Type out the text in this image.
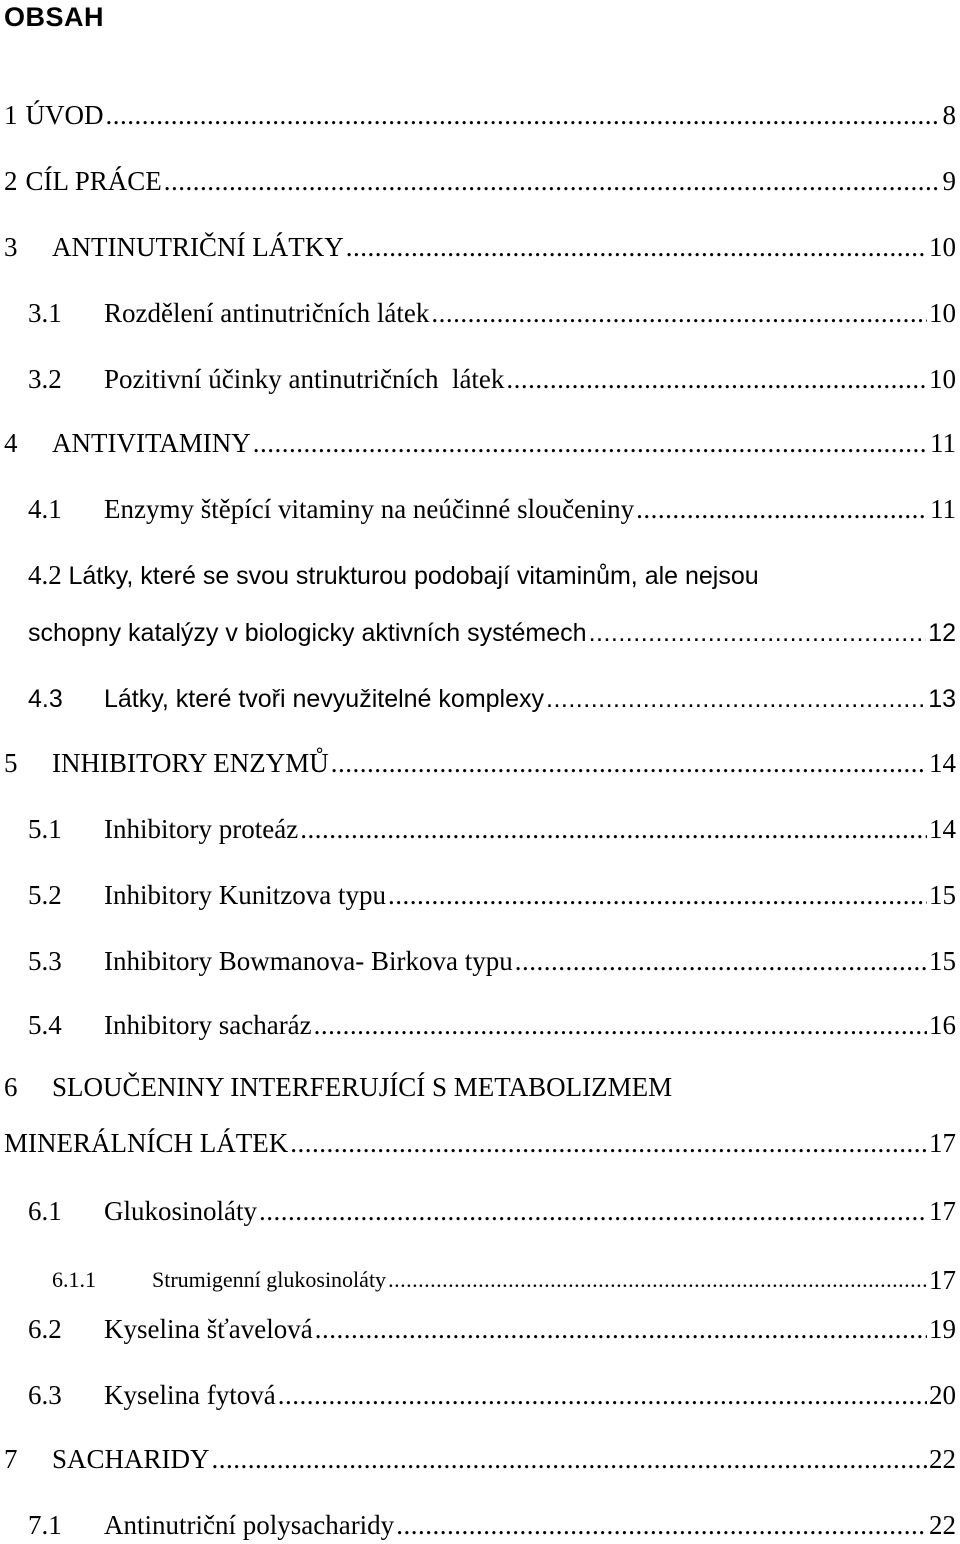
OBSAH
1 ÚVOD .....	8
2 CÍL PRÁCE .....	9
3	ANTINUTRIČNÍ LÁTKY .....	10
3.1	Rozdělení antinutričních látek .....	10
3.2	Pozitivní účinky antinutričních  látek .....	10
4	ANTIVITAMINY .....	11
4.1	Enzymy štěpící vitaminy na neúčinné sloučeniny .....	11
4.2 Látky, které se svou strukturou podobají vitaminům, ale nejsou
schopny katalýzy v biologicky aktivních systémech .....	12
4.3	Látky, které tvoři nevyužitelné komplexy .....	13
5	INHIBITORY ENZYMŮ .....	14
5.1	Inhibitory proteáz .....	14
5.2	Inhibitory Kunitzova typu .....	15
5.3	Inhibitory Bowmanova- Birkova typu .....	15
5.4	Inhibitory sacharáz .....	16
6 SLOUČENINY INTERFERUJÍCÍ S METABOLIZMEM
MINERÁLNÍCH LÁTEK .....	17
6.1	Glukosinoláty .....	17
6.1.1	Strumigenní glukosinoláty .....	17
6.2	Kyselina šťavelová .....	19
6.3	Kyselina fytová .....	20
7	SACHARIDY .....	22
7.1	Antinutriční polysacharidy .....	22
